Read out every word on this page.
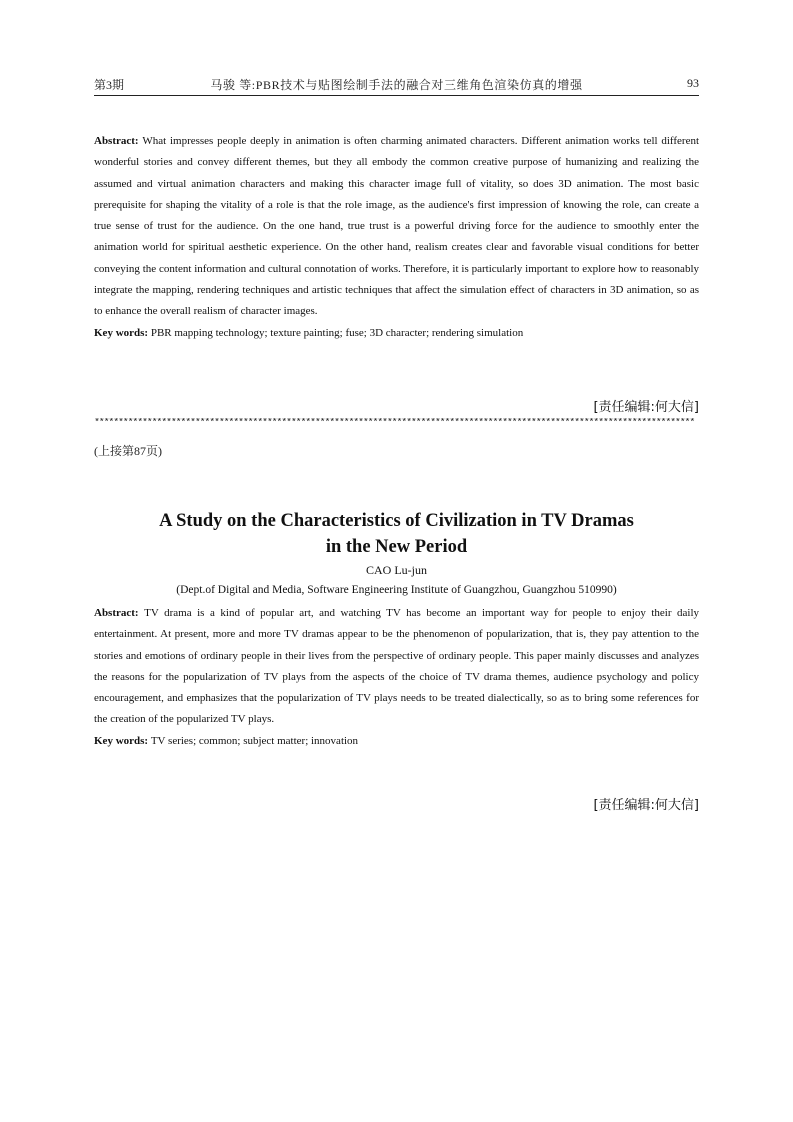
第3期	马骏 等:PBR技术与贴图绘制手法的融合对三维角色渲染仿真的增强	93

Abstract: What impresses people deeply in animation is often charming animated characters. Different animation works tell different wonderful stories and convey different themes, but they all embody the common creative purpose of humanizing and realizing the assumed and virtual animation characters and making this character image full of vitality, so does 3D animation. The most basic prerequisite for shaping the vitality of a role is that the role image, as the audience's first impression of knowing the role, can create a true sense of trust for the audience. On the one hand, true trust is a powerful driving force for the audience to smoothly enter the animation world for spiritual aesthetic experience. On the other hand, realism creates clear and favorable visual conditions for better conveying the content information and cultural connotation of works. Therefore, it is particularly important to explore how to reasonably integrate the mapping, rendering techniques and artistic techniques that affect the simulation effect of characters in 3D animation, so as to enhance the overall realism of character images.

Key words: PBR mapping technology; texture painting; fuse; 3D character; rendering simulation

[责任编辑:何大信]
*****************************************************************************************************************************
(上接第87页)
A Study on the Characteristics of Civilization in TV Dramas
in the New Period
CAO Lu-jun
(Dept.of Digital and Media, Software Engineering Institute of Guangzhou, Guangzhou 510990)

Abstract: TV drama is a kind of popular art, and watching TV has become an important way for people to enjoy their daily entertainment. At present, more and more TV dramas appear to be the phenomenon of popularization, that is, they pay attention to the stories and emotions of ordinary people in their lives from the perspective of ordinary people. This paper mainly discusses and analyzes the reasons for the popularization of TV plays from the aspects of the choice of TV drama themes, audience psychology and policy encouragement, and emphasizes that the popularization of TV plays needs to be treated dialectically, so as to bring some references for the creation of the popularized TV plays.

Key words: TV series; common; subject matter; innovation

[责任编辑:何大信]
